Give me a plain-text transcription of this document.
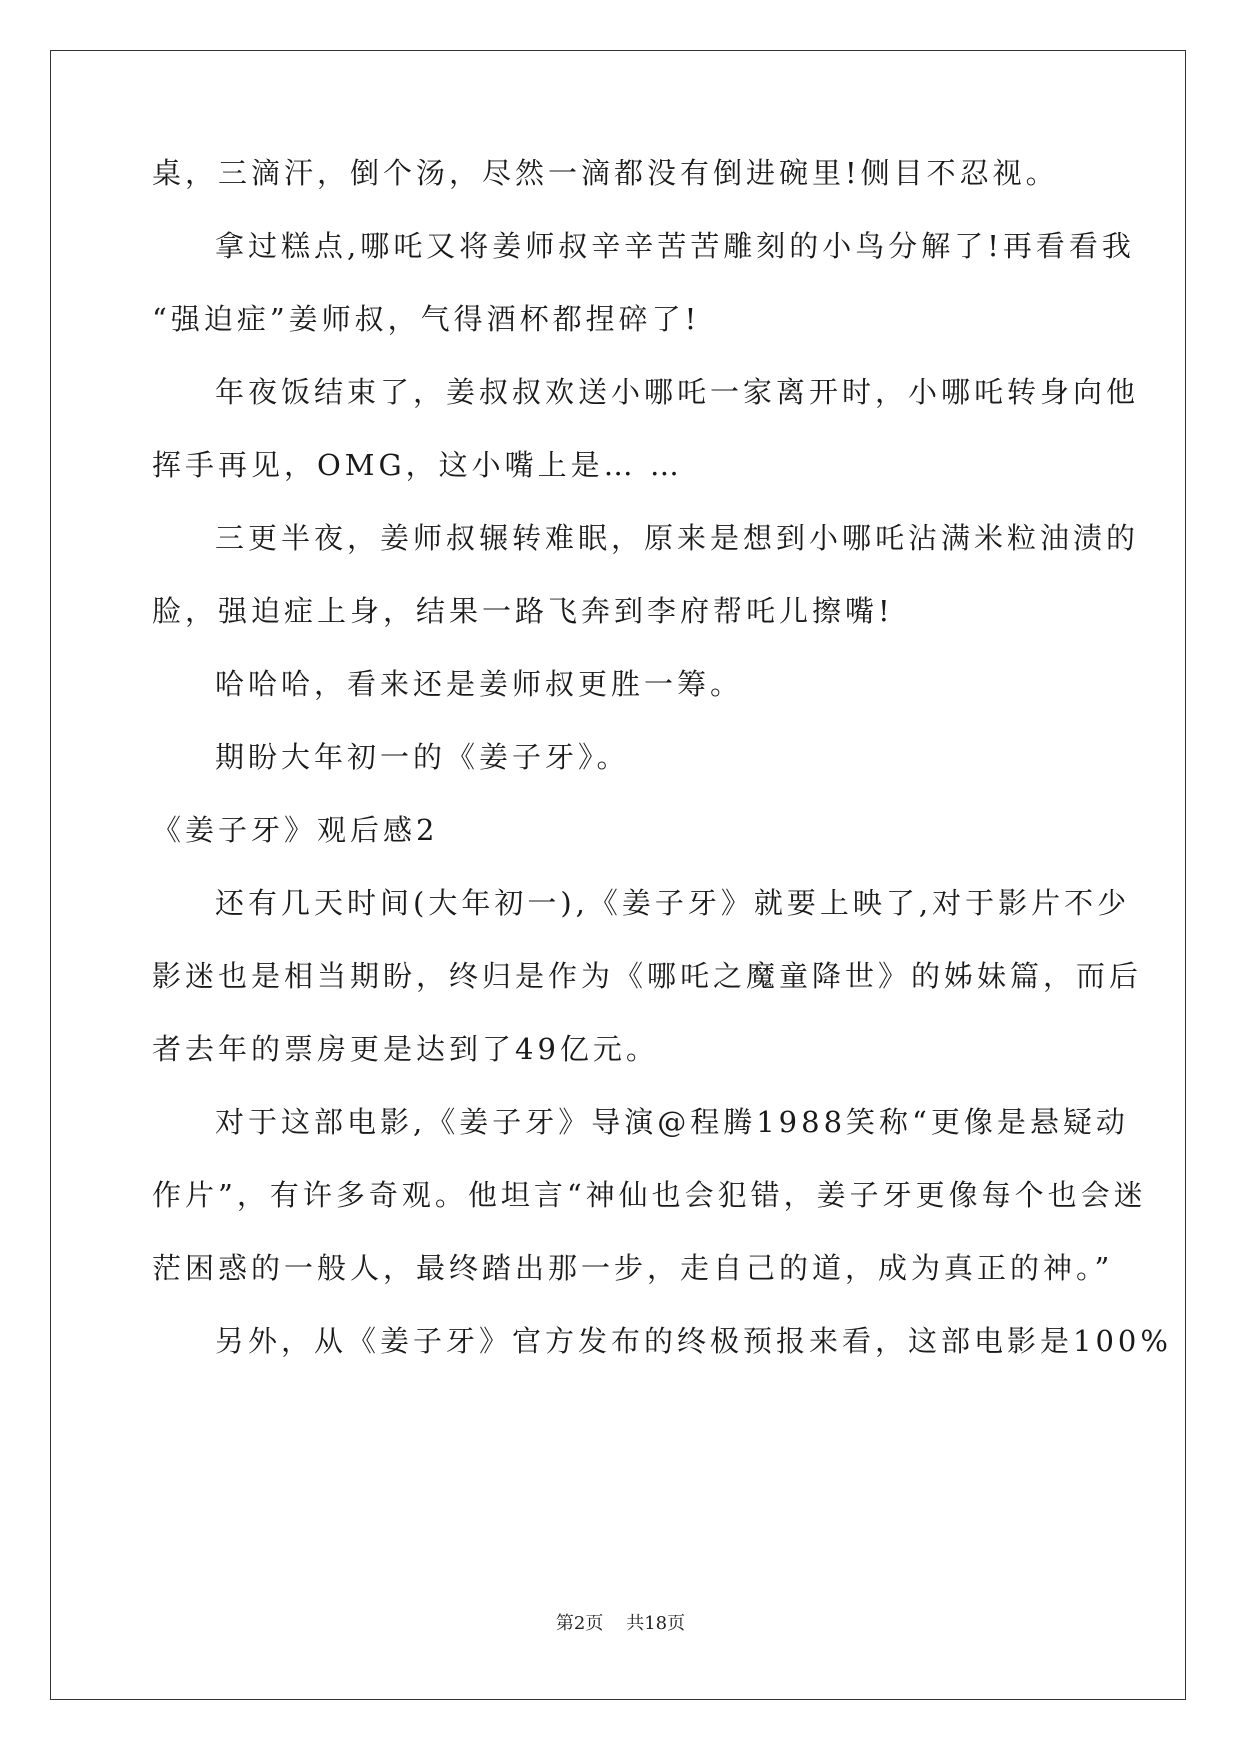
桌，三滴汗，倒个汤，尽然一滴都没有倒进碗里!侧目不忍视。
拿过糕点,哪吒又将姜师叔辛辛苦苦雕刻的小鸟分解了!再看看我
“强迫症”姜师叔，气得酒杯都捏碎了!
年夜饭结束了，姜叔叔欢送小哪吒一家离开时，小哪吒转身向他
挥手再见，OMG，这小嘴上是… …
三更半夜，姜师叔辗转难眠，原来是想到小哪吒沾满米粒油渍的
脸，强迫症上身，结果一路飞奔到李府帮吒儿擦嘴!
哈哈哈，看来还是姜师叔更胜一筹。
期盼大年初一的《姜子牙》。
《姜子牙》观后感2
还有几天时间(大年初一),《姜子牙》就要上映了,对于影片不少
影迷也是相当期盼，终归是作为《哪吒之魔童降世》的姊妹篇，而后
者去年的票房更是达到了49亿元。
对于这部电影,《姜子牙》导演@程腾1988笑称“更像是悬疑动
作片”，有许多奇观。他坦言“神仙也会犯错，姜子牙更像每个也会迷
茫困惑的一般人，最终踏出那一步，走自己的道，成为真正的神。”
另外，从《姜子牙》官方发布的终极预报来看，这部电影是100%
第2页 共18页
